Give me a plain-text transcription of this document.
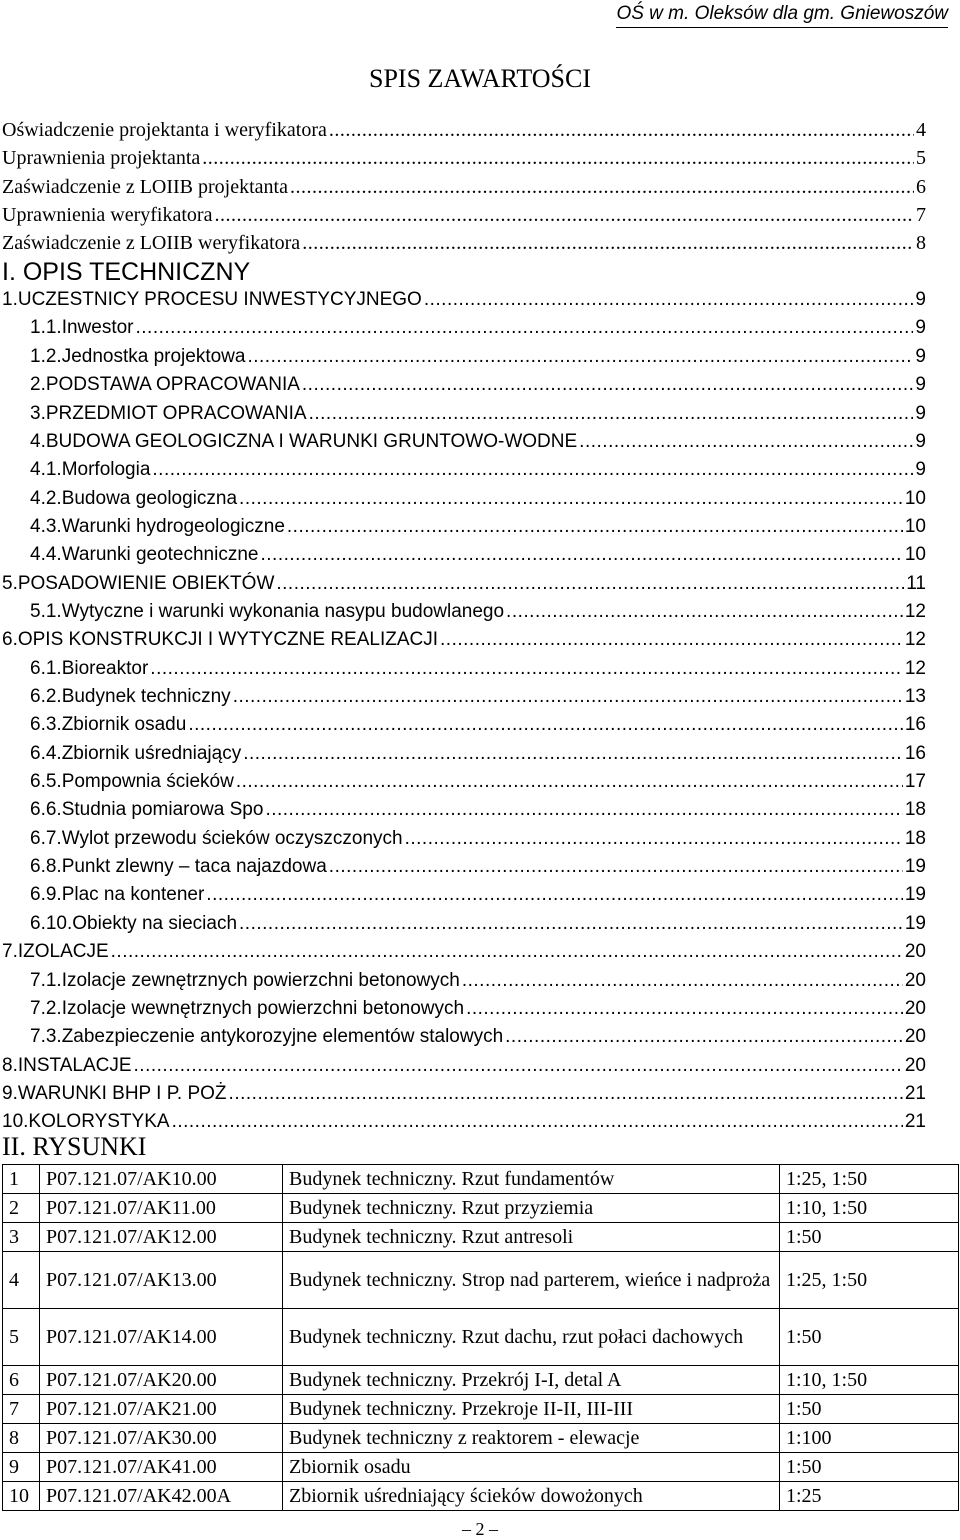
OŚ w m. Oleksów dla gm. Gniewoszów
SPIS ZAWARTOŚCI
Oświadczenie projektanta i weryfikatora .....	4
Uprawnienia projektanta .....	5
Zaświadczenie z LOIIB projektanta .....	6
Uprawnienia weryfikatora .....	7
Zaświadczenie z LOIIB weryfikatora .....	8
I. OPIS TECHNICZNY
1.UCZESTNICY PROCESU INWESTYCYJNEGO .....	9
1.1.Inwestor .....	9
1.2.Jednostka projektowa .....	9
2.PODSTAWA OPRACOWANIA .....	9
3.PRZEDMIOT OPRACOWANIA .....	9
4.BUDOWA GEOLOGICZNA I WARUNKI GRUNTOWO-WODNE .....	9
4.1.Morfologia .....	9
4.2.Budowa geologiczna .....	10
4.3.Warunki hydrogeologiczne .....	10
4.4.Warunki geotechniczne .....	10
5.POSADOWIENIE OBIEKTÓW .....	11
5.1.Wytyczne i warunki wykonania nasypu budowlanego .....	12
6.OPIS KONSTRUKCJI I WYTYCZNE REALIZACJI .....	12
6.1.Bioreaktor .....	12
6.2.Budynek techniczny .....	13
6.3.Zbiornik osadu .....	16
6.4.Zbiornik uśredniający .....	16
6.5.Pompownia ścieków .....	17
6.6.Studnia pomiarowa Spo .....	18
6.7.Wylot przewodu ścieków oczyszczonych .....	18
6.8.Punkt zlewny – taca najazdowa .....	19
6.9.Plac na kontener .....	19
6.10.Obiekty na sieciach .....	19
7.IZOLACJE .....	20
7.1.Izolacje zewnętrznych powierzchni betonowych .....	20
7.2.Izolacje wewnętrznych powierzchni betonowych .....	20
7.3.Zabezpieczenie antykorozyjne elementów stalowych .....	20
8.INSTALACJE .....	20
9.WARUNKI BHP I P. POŻ .....	21
10.KOLORYSTYKA .....	21
II. RYSUNKI
1	P07.121.07/AK10.00	Budynek techniczny. Rzut fundamentów	1:25, 1:50
2	P07.121.07/AK11.00	Budynek techniczny. Rzut przyziemia	1:10, 1:50
3	P07.121.07/AK12.00	Budynek techniczny. Rzut antresoli	1:50
4	P07.121.07/AK13.00	Budynek techniczny. Strop nad parterem, wieńce i nadproża	1:25, 1:50
5	P07.121.07/AK14.00	Budynek techniczny. Rzut dachu, rzut połaci dachowych	1:50
6	P07.121.07/AK20.00	Budynek techniczny. Przekrój I-I, detal A	1:10, 1:50
7	P07.121.07/AK21.00	Budynek techniczny. Przekroje II-II, III-III	1:50
8	P07.121.07/AK30.00	Budynek techniczny z reaktorem - elewacje	1:100
9	P07.121.07/AK41.00	Zbiornik osadu	1:50
10	P07.121.07/AK42.00A	Zbiornik uśredniający ścieków dowożonych	1:25
– 2 –
